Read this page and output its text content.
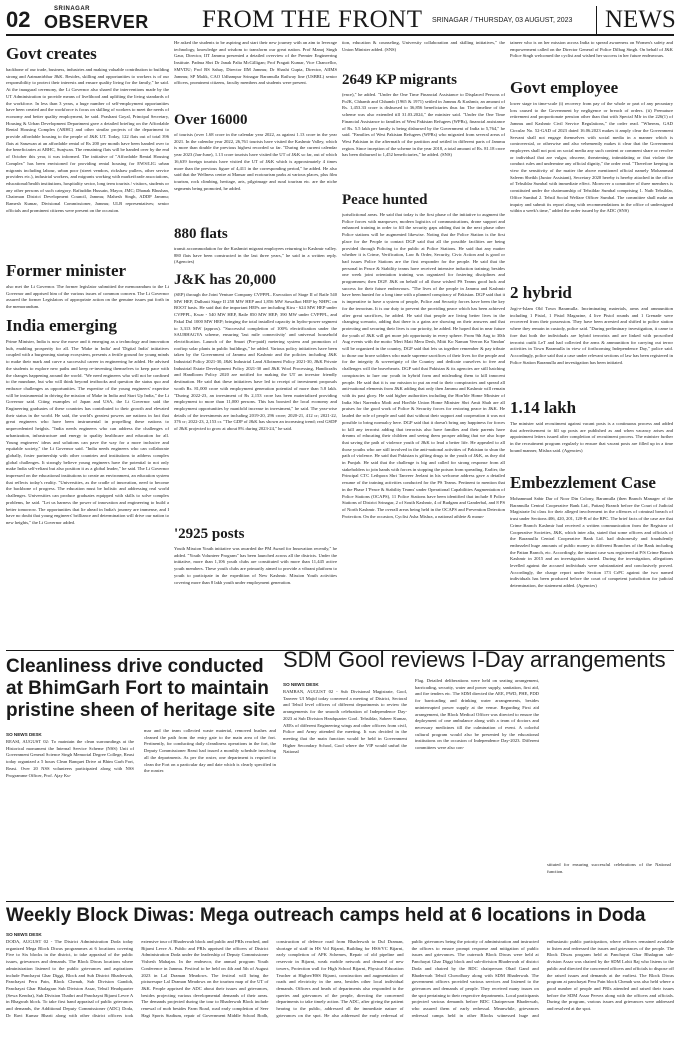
02	SRINAGAR
OBSERVER FROM THE FRONT SRINAGAR / THURSDAY, 03 AUGUST, 2023	NEWS
Govt creates
backbone of our trade, business, industries and making valuable contribution to building strong and Aatmanirbhar J&K. Besides, skilling and opportunities to workers is of our responsibility to protect their interests and ensure quality living for the family," he said. At the inaugural ceremony, the Lt Governor also shared the interventions made by the UT Administration to provide means of livelihood and uplifting the living standards of the workforce. In less than 3 years, a huge number of self-employment opportunities have been created and the workforce is focus on skilling of workers to meet the needs of economy and better quality employment, he said. Prashant Goyal, Principal Secretary, Housing & Urban Development Department gave a detailed briefing on the Affordable Rental Housing Complex (ARHC) and other similar projects of the department to provide affordable housing to the people of J&K UT. Today, 122 flats out of total 396 flats at Sanzwan at an affordable rental of Rs 200 per month have been handed over to the beneficiaries at ARHC, Sunjwan. The remaining flats will be handed over by the end of October this year, it was informed. The initiative of "Affordable Rental Housing Complex" has been envisioned for providing rental housing for EWS/LIG urban migrants including labour, urban poor (street vendors, rickshaw pullers, other service providers etc.), industrial workers, and migrants working with market/trade associations, educational/health institutions, hospitality sector, long term tourists / visitors, students or any other persons of such category. Rafiuddin Hussain, Mayor, JMC; Dhanak Bhushan, Chairman District Development Council, Jammu; Mahesh Singh, ADDP Jammu; Ramesh Kumar, Divisional Commissioner, Jammu; ULB representatives; senior officials and prominent citizens were present on the occasion.
Former minister
also met the Lt Governor. The former legislator submitted the memorandum to the Lt Governor and apprised him of the various issues of common concern. The Lt Governor assured the former Legislators of appropriate action on the genuine issues put forth in the memorandum.
India emerging
Prime Minister, India is now the move and it emerging as a technology and innovation hub, enabling prosperity for all. The 'Make in India' and 'Digital India' initiatives coupled with a burgeoning startup ecosystem, presents a fertile ground for young minds to make their mark and carve a successful career in engineering he added. He advised the students to explore new paths and keep re-inventing themselves to keep pace with the changes happening around the world. "We need engineers who will not be confined to the mundane, but who will think beyond textbooks and question the status quo and embrace challenges as opportunities. The expertise of the young engineers' expertise will be instrumental in driving the mission of Make in India and Start Up India," the Lt Governor said. Citing examples of Japan and USA, the Lt Governor said the Engineering graduates of these countries has contributed to their growth and elevated their status in the world. He said, the world's greatest powers are nations in fact that great engineers who have been instrumental in propelling these nations to unprecedented heights. "India needs engineers who can address the challenges of urbanization, infrastructure and energy to quality healthcare and education for all. Young engineers' ideas and solutions can pave the way for a more inclusive and equitable society," the Lt Governor said. "India needs engineers who can collaborate globally, foster partnership with other countries and institutions to address complex global challenges. It strongly believe young engineers have the potential to not only make India self-reliant but also position it as a global leader," he said. The Lt Governor impressed on the educational institutions to create an environment, an education system that reflects today's reality. "Universities, as the cradle of innovation, need to become the backbone of progress. The education must be holistic and addressing real world challenges. Universities can produce graduates equipped with skills to solve complex problems, he said. "Let us harness the power of innovation and engineering to build a better tomorrow. The opportunities that lie ahead in India's journey are immense, and I have no doubt that young engineers' brilliance and determination will drive our nation to new heights," the Lt Governor added.
He asked the students to be aspiring and start their new journey with an aim to leverage technology, knowledge and wisdom to transform our great nation. Prof Manoj Singh Gaur, Director, IIT Jammu presented a detailed overview of the Premier Engineering Institute. Padma Shri Dr Janak Palta McGilligan; Prof Pragati Kumar, Vice Chancellor, SMVDU; Prof BS Sahay, Director IIM Jammu; Dr Shashi Gupta, Director, AIIMS Jammu; SP Malik, CAO Udhampur Srinagar Baramulla Railway line (USBRL) senior officers, prominent citizens, faculty members and students were present.
Over 16000
of tourists (over 1.68 crore in the calendar year 2022, as against 1.13 crore in the year 2021. In the calendar year 2022, 26,761 tourists have visited the Kashmir Valley, which is more than double the previous highest recorded so far. "During the current calendar year 2023 (Jan-June), 1.13 crore tourists have visited the UT of J&K so far, out of which 16,639 foreign tourists have visited the UT of J&K which is approximately 4 times more than the previous figure of 4,411 in the corresponding period," he added. He also said that the Wellness centre at Mansar and ecotourism parks at various places, plus film tourism, rock climbing, heritage, arts, pilgrimage and rural tourism etc. are the niche segments being promoted, he added.
880 flats
transit accommodation for the Kashmiri migrant employees returning to Kashmir valley. 880 flats have been constructed in the last three years," he said in a written reply. (Agencies)
J&K has 20,000
(SEP) through the Joint Venture Company CVPPPL. Execution of Stage II of Ratle 540 MW HEP, Dulhasti Stage II 258 MW HEP and 1,856 MW Sawalkot HEP by NHPC on BOOT basis. He said that the important HEPs are including Kiru - 624 MW HEP under CVPPPL, Kwar - 540 MW HEP, Ratle 850 MW HEP; 390 MW under CVPPPL, and Pakal Dul 1000 MW HEP; bringing the total installed capacity in hydro-power segment to 3,313 MW (approx). "Successful completion of 100% electrification under the SAUBHAGYA scheme, ensuring 'last mile connectivity' and universal household electrification. Launch of the Smart (Pre-paid) metering system and promotion of rooftop solar plants in public buildings," he added. Various policy initiatives have been taken by the Government of Jammu and Kashmir and the policies including J&K Industrial Policy 2021-30, J&K Industrial Land Allotment Policy 2021-30, J&K Private Industrial Estate Development Policy 2021-30 and J&K Wool Processing, Handicrafts and Handloom Policy 2020 are notified for making the UT an investor friendly destination. He said that these initiatives have led to receipt of investment proposals worth Rs. 81,000 crore with employment generation potential of more than 5.8 lakh. "During 2022-23, an investment of Rs 2,153 crore has been materialized providing employment to more than 11,000 persons. This has boosted the local economy and employment opportunities by manifold increase in investment," he said. The year-wise details of the investments are including 2019-20, 296 crore; 2020-21, 412 cr; 2021-22, 376 cr; 2022-23, 2,153 cr. "The GDP of J&K has shown an increasing trend; real GSDP of J&K projected to grow at about 8% during 2023-24," he said.
'2925 posts
Youth Mission Youth initiative was awarded the PM Award for Innovation recently," he added. "Youth Volunteer Program" has been launched across all the districts. Under the initiative, more than 1,106 youth clubs are constituted with more than 11,445 active youth members. These youth clubs are primarily aimed to provide a vibrant platform to youth to participate in the expedition of New Kashmir. Mission Youth activities covering more than 8 lakh youth under employment generation.
tion, education & counseling, University collaboration and skilling initiatives," the Union Minister added. (SNS)
2649 KP migrants
(ence)," he added. "Under the One Time Financial Assistance to Displaced Persons of PoJK, Chhamb and Chhamb (1965 & 1971) settled in Jammu & Kashmir, an amount of Rs. 1,453.33 crore is disbursed to 36,856 beneficiaries thus far. The timeline of the scheme was also extended till 31.03.2024," the minister said. "Under the One Time Financial Assistance to families of West Pakistan Refugees (WPRs), financial assistance of Rs. 5.5 lakh per family is being disbursed by the Government of India to 5,764," he said. "Families of West Pakistan Refugees (WPRs) who migrated from several areas of West Pakistan in the aftermath of the partition and settled in different parts of Jammu region. Since inception of the scheme in the year 2018, a total amount of Rs. 81.18 crore has been disbursed to 1,452 beneficiaries," he added. (SNS)
Peace hunted
jurisdictional areas. He said that today is the first phase of the initiative to augment the Police forces with manpower, modern logistics of communications, drone support and enhanced training in order to fill the security gaps adding that in the next phase other Police stations will be augmented likewise. Noting that the Police Station is the first place for the People to contact DGP said that all the possible facilities are being provided through Policing to the public at Police Stations. He said that any matter whether it is Crime, Verification, Law & Order, Security, Civic Action and is good or bad issues Police Stations are the first responder for the people. He said that the personal in Peace & Stability teams have received intensive induction training; besides one week joint orientation training was organized for fostering disciplines and programmes; then DGP. J&K on behalf of all those wished PS Teams good luck and success for their future endeavours. "The lives of the people in Jammu and Kashmir have been hunted for a long time with a planned conspiracy of Pakistan. DGP said that it is imperative to have a system of people, Police and Security forces have been the key for the terrorism. It is our duty to prevent the providing peace which has been achieved after great sacrifices, he added. He said that people are living better lives in the changing scenario, adding that there is a gains are showing on their answers and that protecting and securing their lives is our priority, he added. He hoped that in near future the youth of J&K will get more job opportunity in every sphere. From 9th Aug to 30th Aug events with the motto 'Meri Mati Mera Desh, Mitti Ko Naman Veeron Ka Vandan' will be organized in the country, DGP said that lets us together remember & pay tribute to those our brave soldiers who made supreme sacrifices of their lives for the people and for the integrity & sovereignty of the Country and dedicate ourselves to free and challenges will the bravehearts. DGP said that Pakistan & its agencies are still hatching conspiracies to lure our youth in hybrid form and misleading them to kill innocent people. He said that it is our mission to put an end to their conspiracies and spread all anti-national elements from J&K adding that only then Jammu and Kashmir will remain with its past glory. He said higher authorities including the Hon'ble Home Minister of India Shri Narendra Modi and Hon'ble Union Home Minister Shri Amit Shah are all praises for the good work of Police & Security forces for restoring peace in J&K. He lauded the role of people and said that without their support and cooperation it was not possible to bring normalcy here. DGP said that it doesn't bring any happiness for forces to kill any terrorist adding that terrorists also have families and their parents have dreams of educating their children and seeing them prosper adding that we also hope that saving the path of violence youth of J&K to lead a better life. He appealed to all those youths who are still involved in the anti-national activities of Pakistan to shun the path of violence. He said that Pakistan is gifting drugs to the youth of J&K, as they did in Punjab. He said that the challenge is big and called for strong response from all stakeholders to join hands with forces in stopping the poison from spreading. Earlier, the Principal CTC Lethpora Shri Tanveer Jeelani in his welcome address gave a detailed resume of the training activities conducted for the PS Teams. Pertinent to mention that in the Phase I 'Peace & Stability Teams' under Operational Capabilities Augmentation of Police Stations (OCAPS), 11 Police Stations have been identified that include 8 Police Stations of District Srinagar, 2 of South Kashmir, 4 of Budgam and Ganderbal, and 8 PS of North Kashmir. The overall areas being held in the OCAPS and Prevention Detection Protection. On the occasion, Cyclist Asha Mishra, a national athlete & moun-
taineer who is on her mission across India to spread awareness on Women's safety and empowerment called on the Director General of Police Dilbag Singh. On behalf of J&K Police Singh welcomed the cyclist and wished her success in her future endeavours.
Govt employee
lower stage in time-scale (i) recovery from pay of the whole or part of any pecuniary loss caused to the Government by negligence or breach of orders. (ii) Premature retirement and proportionate pension other than that with Special Mfr in the 226(1) of Jammu and Kashmir Civil Service Regulations," the order read. "Whereas, GAD Circular No. 52-GAD of 2023 dated 16.06.2023 makes it amply clear the Government Servant shall not engage themselves with social media in a manner which is controversial, or otherwise and also vehemently makes it clear that the Government employees shall not post on social media any such content or comment share or revolve or individual that are vulgar, obscene, threatening, intimidating or that violate the conduct rules and undermine any official dignity," the order read. "Therefore keeping in view the sensitivity of the matter the above mentioned official namely Mohammad Saleem Sheikh (Junior Assistant), Secretary 2020 hereby is hereby attached in the office of Tehsildar Sumbal with immediate effect. Moreover a committee of three members is constituted under the chairmanship of Tehsildar Sumbal comprising 1. Naib Tehsildar, Office Sumbal 2. Tehsil Social Welfare Officer Sumbal. The committee shall make an inquiry and submit its report along with recommendations in the office of undersigned within a week's time," added the order issued by the ADC (SNS)
2 hybrid
Jogi-e-Islam Old Town Baramulla. Incriminating materials, arms and ammunition including 1 Pistol, 1 Pistol Magazine, 4 live Pistol rounds and 1 Grenade were recovered from their possession. They have been arrested and shifted to police station where they remain in custody, police said. "During preliminary investigation, it came to fore that both the individuals are hybrid terrorists and are linked with proscribed terrorist outfit LeT and had collected the arms & ammunition for carrying out terror activities in Town Baramulla in view of forthcoming Independence Day," police said. Accordingly, police said that a case under relevant sections of law has been registered in Police Station Baramulla and investigation has been initiated.
1.14 lakh
The minister said recruitment against vacant posts is a continuous process and added that advertisement to fill up posts are published as and when vacancy arises and appointment letters issued after completion of recruitment process. The minister further in the recruitment program regularly to ensure that vacant posts are filled up in a time bound manner, Mishra said. (Agencies)
Embezzlement Case
Mohammad Sabir Dar of Noor Din Colony, Baramulla (then Branch Manager of the Baramulla Central Cooperative Bank Ltd., Pattan) Branch before the Court of Judicial Magistrate Ist class for their alleged involvement in the offences of criminal breach of trust under Sections 406, 420, 201, 120-B of the RPC. The brief facts of the case are that Crime Branch Kashmir had received a written communication from the Registrar of Cooperative Societies, J&K, which inter alia, stated that some officers and officials of the Baramulla Central Cooperative Bank Ltd. had dishonestly and fraudulently embezzled huge amounts of public money in different Branches of the Bank including the Pattan Branch, etc. Accordingly, the instant case was registered at P/S Crime Branch Kashmir in 2015 and an investigation started. During the investigation, allegations levelled against the accused individuals were substantiated and conclusively proved. Accordingly, the charge report under Section 173 CrPC against the two named individuals has been produced before the court of competent jurisdiction for judicial determination, the statement added. (Agencies)
Cleanliness drive conducted at BhimGarh Fort to maintain pristine sheen of heritage site
SO NEWS DESK
REASI, AUGUST 02: To maintain the clean surroundings at the Historical monument the Internal Service Scheme (NSS) Unit of Government General Science Singh Memorial Degree College, Reasi today organized a 5 hours Clean Banquet Drive at Bhim Garh Fort, Reasi. Over 20 NSS volunteers participated along with NSS Programme Officer, Prof. Ajay Ku-
mar and the team collected waste material, removed bushes and cleaned the path from the entry gate to the main area of the fort. Pertinently, for conducting daily cleanliness operations in the fort, the Deputy Commissioner Reasi had issued a monthly schedule involving all the departments. As per the roster, one department is required to clean the Fort on a particular day and date which is clearly specified in the roaster.
SDM Gool reviews I-Day arrangements
SO NEWS DESK
RAMBAN, AUGUST 02 - Sub Divisional Magistrate, Gool, Tanveer Ul Majid today convened a meeting of District, Sectoral and Tehsil level officers of different departments to review the arrangements for the smooth celebration of Independence Day-2023 at Sub Division Headquarter Gool. Tehsildar, Sabeer Kumar, AEEs of different Engineering wings and other officers from civil, Police and Army attended the meeting. It was decided in the meeting that the main function would be held in Government Higher Secondary School, Gool where the VIP would unfurl the National
Flag. Detailed deliberations were held on seating arrangement, barricading, security, water and power supply, sanitation, first aid, and fire tenders etc. The SDM directed the AEE, PWD, PHE, PDD for barricading and drinking water arrangements, besides uninterrupted power supply at the venue. Regarding First aid arrangement, the Block Medical Officer was directed to ensure the deployment of one ambulance along with a team of doctors and necessary medicines till the culmination of event. A colorful cultural program would also be presented by the educational institutions on the occasion of Independence Day-2023. Different committees were also con-
stituted for ensuring successful celebrations of the National function.
Weekly Block Diwas: Mega outreach camps held at 6 locations in Doda
SO NEWS DESK
DODA, AUGUST 02 - The District Administration Doda today organized Mega Block Diwas programmes at 6 locations covering Five to Six blocks in the district, to take appraisal of the public issues, grievances and demands. The Block Diwas locations where administration listened to the public grievances and aspirations include Panchayat Ghar Diggi, Block and Sub District Bhaderwah, Panchayat Pera Pain, Block Chenab, Sub Division Gandoh, Panchayat Ghar Bhalagran Sub Division Assar, Tehsil Headquarter (Sewa Kendra), Sub Division Thathri and Panchayat Bijarni Levre A in Bhagwah block. To take first hand appraisal of public grievances and demands, the Additional Deputy Commissioner (ADC) Doda, Dr Ravi Kumar Bharti along with other district officers took extensive tour of Bhaderwah block and public and PRIs reached, and Bijarni Levre A. Public and PRIs apprised the officers of District Administration Doda under the leadership of Deputy Commissioner Vishesh Mahajan. In the endeavor, the annual program Youth Conference in Jammu. Festival to be held on 4th and 5th of August 2023 in Lal Draman Meadows. The festival will bring the picturesque Lal Draman Meadows on the tourism map of the UT of J&K. People apprised the ADC about their issues and grievances, besides projecting various developmental demands of their areas. The demands projected during the tour to Bhaderwah Block include renewal of mob besides Farm Road, road early completion of Seer Hagi Sports Stadium, repair of Government Middle School Bodh, construction of defence road from Bhaderwah to Dul Draman, shortage of staff in HS Vol Bijarni, Building for HSS/VC Bijarni, early completion of APK Schemes, Repair of old pipeline and reservoir in Bijarni, weak mobile network and demand of new towers, Protection wall for High School Bijarni, Physical Education Teacher at Higher/HSS Bijarni, construction and augmentation of roads and electricity in the area, besides other local individual demands. Officers and heads of departments also responded to the queries and grievances of the people, directing the concerned departments to take timely action. The ADC, after giving the patient hearing to the public, addressed all the immediate nature of grievances on the spot. He also addressed the early redressal of public grievances being the priority of administration and instructed the officers to ensure prompt response and mitigation of public issues and grievances. The outreach Block Diwas were held at Panchayat Ghar Diggi block and sub-division Bhaderwah of district Doda and chaired by the BDC chairperson Ohad Gand and Bhaderwah Tehsil Chowdhary along with SDM Bhaderwah. The government officers provided various services and listened to the grievances and demands of people. They received many issues on the spot pertaining to their respective departments. Local participants projected various demands before BDC Chairperson Bhaderwah, who assured them of early redressal. Meanwhile, grievances redressal camps held in other Blocks witnessed huge and enthusiastic public participation, where officers remained available to listen and redressed the issues and grievances of the people. The Block Diwas program held at Panchayat Ghar Bhalagran sub-division Assar was chaired by the SDM Lohit Raj who listens to the public and directed the concerned officers and officials to dispose off the raised issues and demands at the earliest. The Block Diwas program at panchayat Pera Pain block Chenab was also held where a good number of people and PRIs attended and raised their issues before the SDM Assar Pervez along with the officers and officials. During the program, various issues and grievances were addressed and resolved at the spot.
